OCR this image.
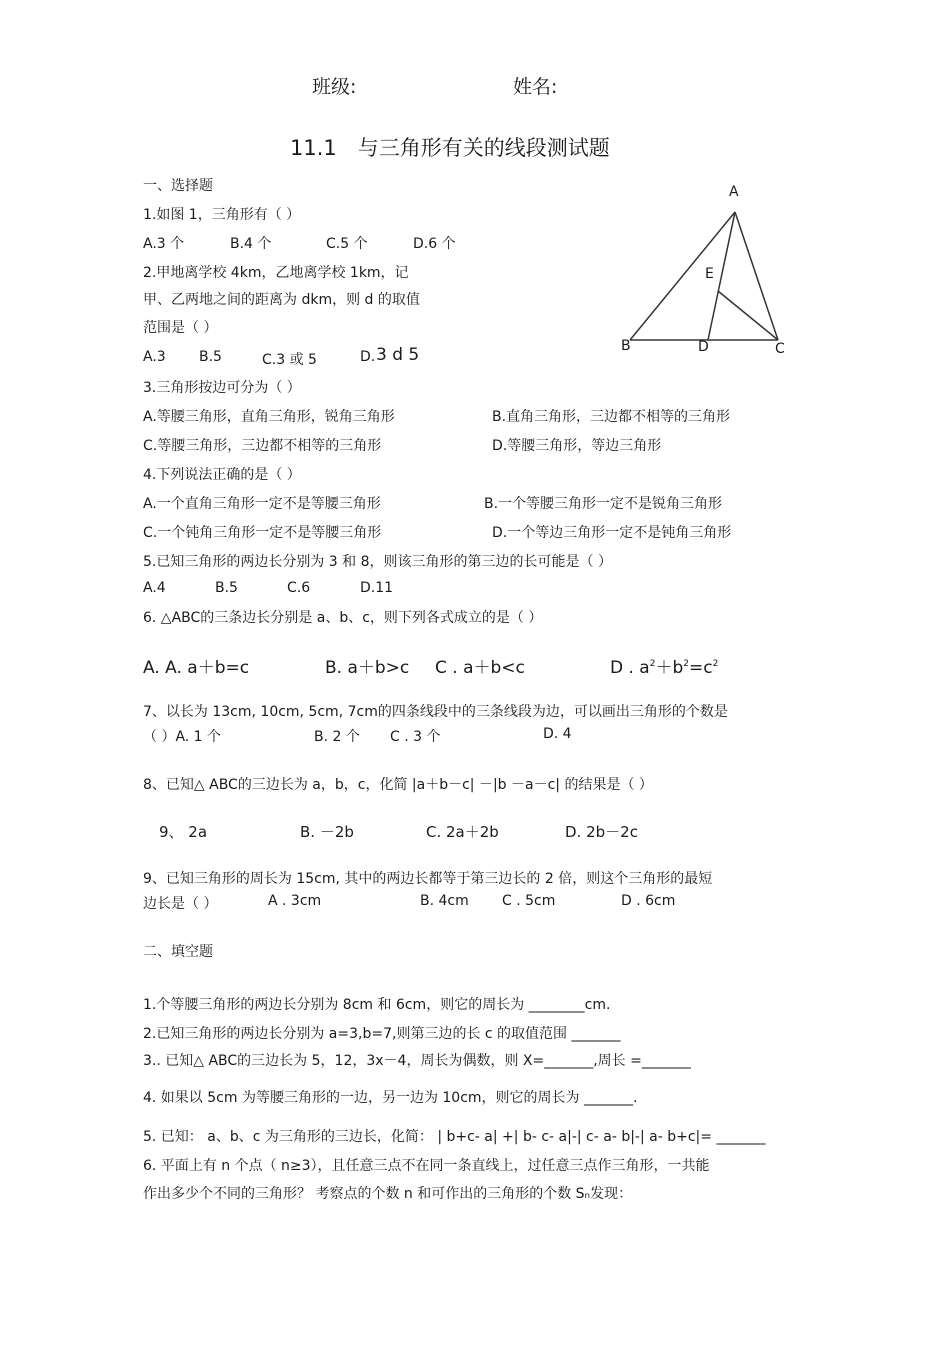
班级:	姓名:
11.1　与三角形有关的线段测试题
A
B	C
D
E
一、选择题
1.如图 1，三角形有（ ）
A.3 个	B.4 个	C.5 个	D.6 个
2.甲地离学校 4km，乙地离学校 1km，记
甲、乙两地之间的距离为 dkm，则 d 的取值
范围是（ ）
A.3 B.5	C.3 或 5	D. 3 d 5
3.三角形按边可分为（ ）
A.等腰三角形，直角三角形，锐角三角形	B.直角三角形，三边都不相等的三角形
C.等腰三角形，三边都不相等的三角形	D.等腰三角形，等边三角形
4.下列说法正确的是（ ）
A.一个直角三角形一定不是等腰三角形	B.一个等腰三角形一定不是锐角三角形
C.一个钝角三角形一定不是等腰三角形	D.一个等边三角形一定不是钝角三角形
5.已知三角形的两边长分别为 3 和 8，则该三角形的第三边的长可能是（ ）
A.4	B.5	C.6	D.11
6. △ABC的三条边长分别是 a、b、c，则下列各式成立的是（ ）
A. A. a＋b=c	B. a＋b>c C . a＋b<c	D . $a^2+b^2=c^2$
7、以长为 13cm, 10cm, 5cm, 7cm的四条线段中的三条线段为边，可以画出三角形的个数是
（ ）A. 1 个	B. 2 个 C . 3 个	D. 4
8、已知△ ABC的三边长为 a，b，c，化简 |a＋b－c| －|b －a－c| 的结果是（ ）
9、 2a	B. －2b	C. 2a＋2b	D. 2b－2c
9、已知三角形的周长为 15cm, 其中的两边长都等于第三边长的 2 倍，则这个三角形的最短
边长是（ ）	A . 3cm	B. 4cm C . 5cm	D . 6cm
二、填空题
1.个等腰三角形的两边长分别为 8cm 和 6cm，则它的周长为 ________cm.
2.已知三角形的两边长分别为 a=3,b=7,则第三边的长 c 的取值范围 _______
3.. 已知△ ABC的三边长为 5，12，3x－4，周长为偶数，则 X=_______,周长 =_______
4. 如果以 5cm 为等腰三角形的一边，另一边为 10cm，则它的周长为 _______.
5. 已知： a、b、c 为三角形的三边长，化简： | b+c- a| +| b- c- a|-| c- a- b|-| a- b+c|= _______
6. 平面上有 n 个点（ n≥3），且任意三点不在同一条直线上，过任意三点作三角形，一共能
作出多少个不同的三角形？ 考察点的个数 n 和可作出的三角形的个数 Sₙ发现：
